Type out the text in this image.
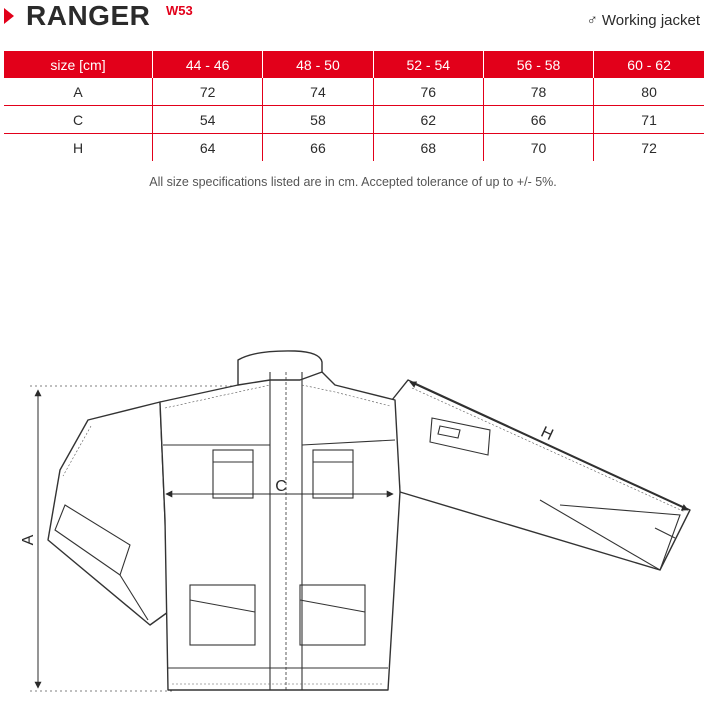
RANGER W53
♂ Working jacket
size [cm]	44 - 46	48 - 50	52 - 54	56 - 58	60 - 62
A	72	74	76	78	80
C	54	58	62	66	71
H	64	66	68	70	72
All size specifications listed are in cm. Accepted tolerance of up to +/- 5%.
A
C
H
